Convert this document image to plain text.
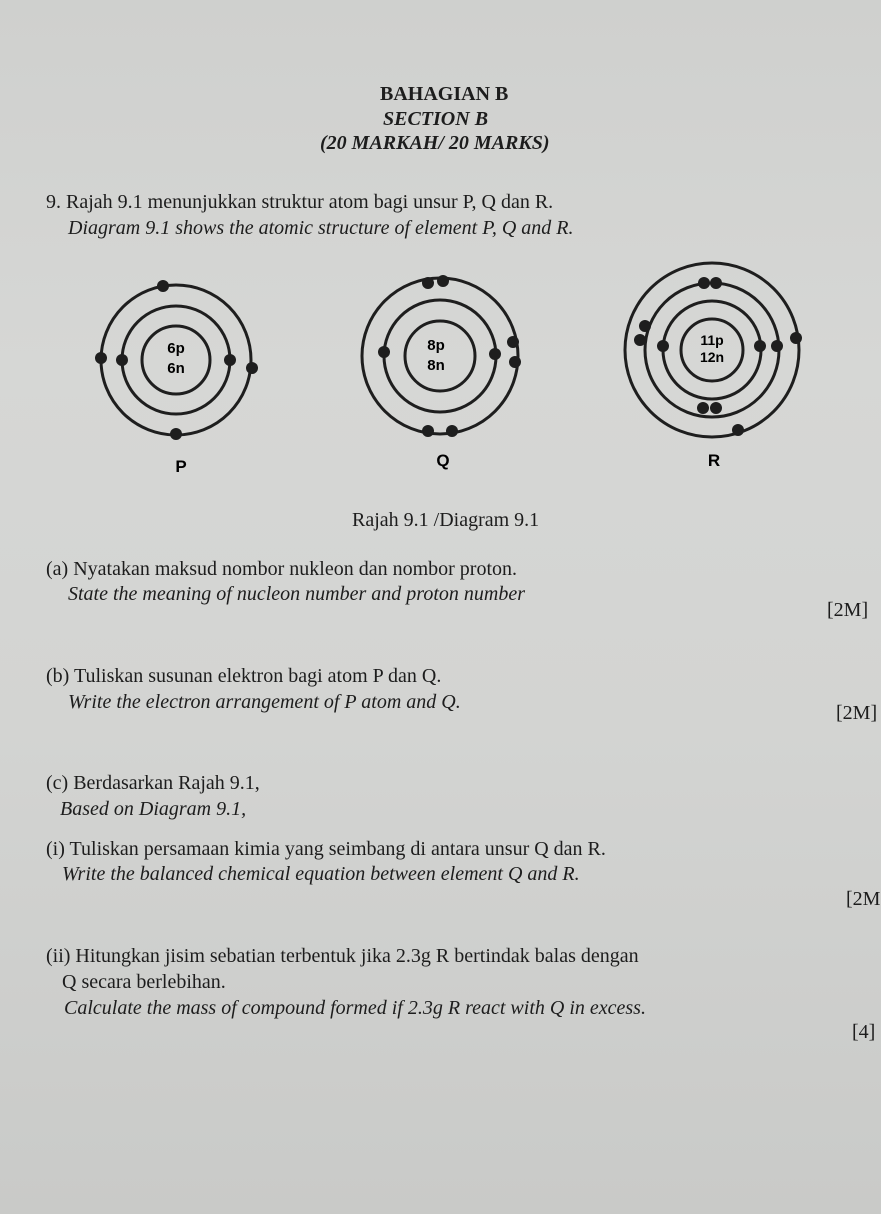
BAHAGIAN B
SECTION B
(20 MARKAH/ 20 MARKS)
9. Rajah 9.1 menunjukkan struktur atom bagi unsur P, Q dan R.
Diagram 9.1 shows the atomic structure of element P, Q and R.
6p
6n
P
8p
8n
Q
11p
12n
R
Rajah 9.1 /Diagram 9.1
(a) Nyatakan maksud nombor nukleon dan nombor proton.
State the meaning of nucleon number and proton number
[2M]
(b) Tuliskan susunan elektron bagi atom P dan Q.
Write the electron arrangement of P atom and Q.	[2M]
(c) Berdasarkan Rajah 9.1,
Based on Diagram 9.1,
(i) Tuliskan persamaan kimia yang seimbang di antara unsur Q dan R.
Write the balanced chemical equation between element Q and R.
[2M
(ii) Hitungkan jisim sebatian terbentuk jika 2.3g R bertindak balas dengan
Q secara berlebihan.
Calculate the mass of compound formed if 2.3g R react with Q in excess.
[4]
